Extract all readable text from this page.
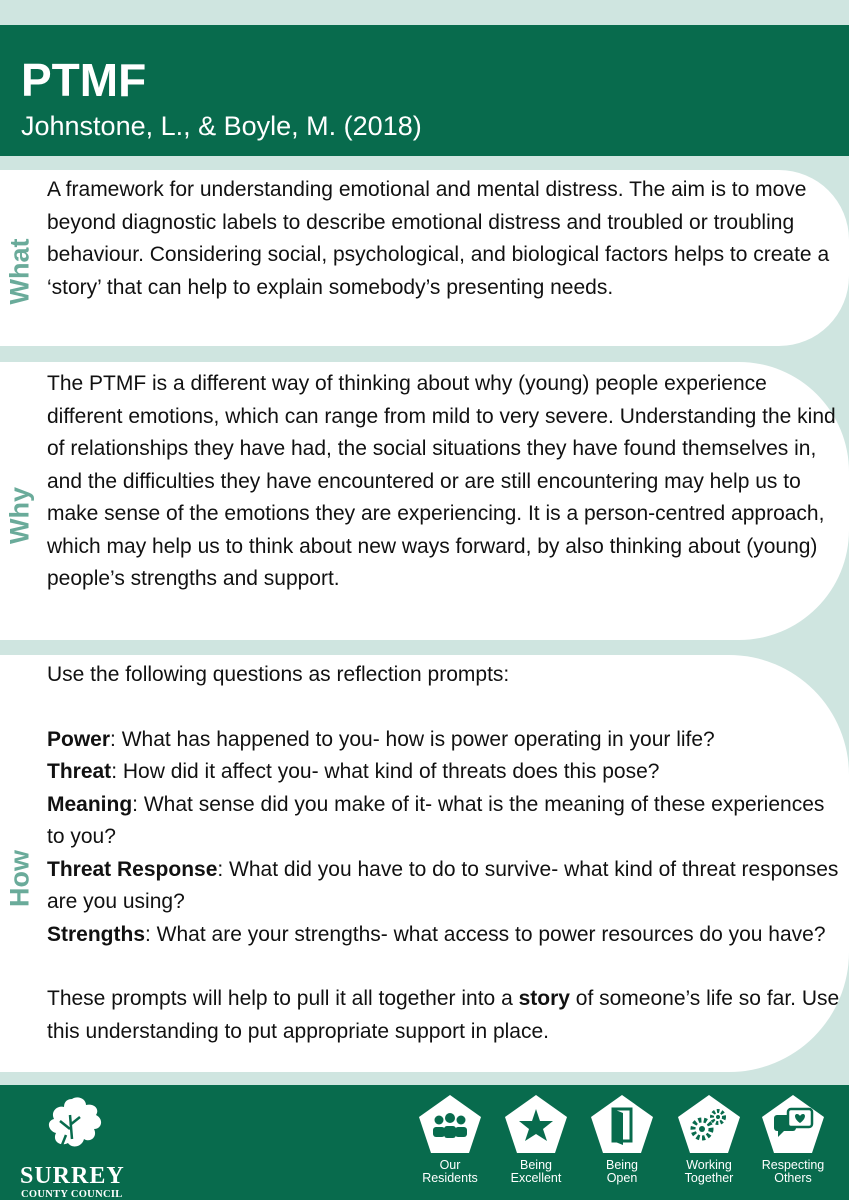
PTMF
Johnstone, L., & Boyle, M. (2018)
What
A framework for understanding emotional and mental distress. The aim is to move beyond diagnostic labels to describe emotional distress and troubled or troubling behaviour. Considering social, psychological, and biological factors helps to create a ‘story’ that can help to explain somebody’s presenting needs.
Why
The PTMF is a different way of thinking about why (young) people experience different emotions, which can range from mild to very severe. Understanding the kind of relationships they have had, the social situations they have found themselves in, and the difficulties they have encountered or are still encountering may help us to make sense of the emotions they are experiencing. It is a person-centred approach, which may help us to think about new ways forward, by also thinking about (young) people’s strengths and support.
How

Use the following questions as reflection prompts:

Power: What has happened to you- how is power operating in your life?

Threat: How did it affect you- what kind of threats does this pose?

Meaning: What sense did you make of it- what is the meaning of these experiences to you?

Threat Response: What did you have to do to survive- what kind of threat responses are you using?

Strengths: What are your strengths- what access to power resources do you have?

These prompts will help to pull it all together into a story of someone’s life so far. Use this understanding to put appropriate support in place.

SURREY
COUNTY COUNCIL
Our
Residents
Being
Excellent
Being
Open
Working
Together
Respecting
Others
